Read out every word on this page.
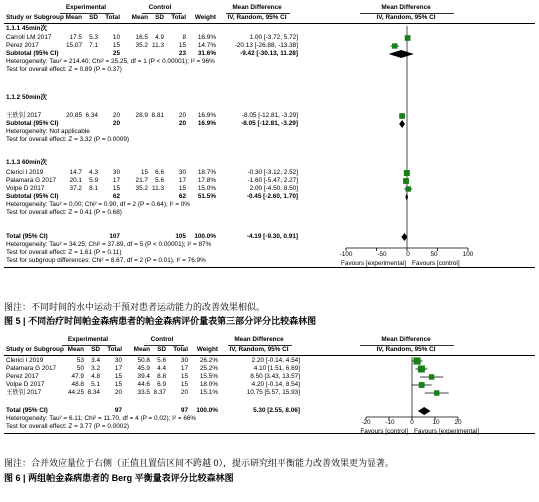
Experimental	Control	Mean Difference	Mean Difference
Study or Subgroup Mean	SD	Total	Mean	SD	Total	Weight	IV, Random, 95% CI	IV, Random, 95% CI
1.1.1 45min次
Carroll LM 2017	17.5	5.3	10	16.5	4.9	8	16.9%	1.00 [-3.72, 5.72]
Perez 2017	15.07	7.1	15	35.2 11.3	15	14.7%	-20.13 [-26.88, -13.38]
Subtotal (95% CI)	25	23	31.6%	-9.42 [-30.13, 11.28]
Heterogeneity: Tau² = 214.40; Chi² = 25.25, df = 1 (P < 0.00001); I² = 96%
Test for overall effect: Z = 0.89 (P = 0.37)
1.1.2 50min次
王轶钊 2017	20.85 6.34	20	28.9 8.81	20	16.9%	-8.05 [-12.81, -3.29]
Subtotal (95% CI)	20	20	16.9%	-8.05 [-12.81, -3.29]
Heterogeneity: Not applicable
Test for overall effect: Z = 3.32 (P = 0.0009)
1.1.3 60min次
Clerici I 2019	14.7	4.3	30	15	6.6	30	18.7%	-0.30 [-3.12, 2.52]
Palamara G 2017	20.1	5.9	17	21.7	5.6	17	17.8%	-1.60 [-5.47, 2.27]
Volpe D 2017	37.2	8.1	15	35.2 11.3	15	15.0%	2.00 [-4.50, 8.50]
Subtotal (95% CI)	62	62	51.5%	-0.45 [-2.60, 1.70]
Heterogeneity: Tau² = 0.00; Chi² = 0.90, df = 2 (P = 0.64); I² = 0%
Test for overall effect: Z = 0.41 (P = 0.68)
Total (95% CI)	107	105	100.0%	-4.19 [-9.30, 0.91]
Heterogeneity: Tau² = 34.25; Chi² = 37.89, df = 5 (P < 0.00001); I² = 87%
Test for overall effect: Z = 1.61 (P = 0.11)
Test for subgroup differences: Chi² = 8.67, df = 2 (P = 0.01), I² = 76.9%
-100	-50	0	50	100
Favours [experimental] Favours [control]
图注：不同时间的水中运动干预对患者运动能力的改善效果相似。
图 5 | 不同治疗时间帕金森病患者的帕金森病评价量表第三部分评分比较森林图
Experimental	Control	Mean Difference	Mean Difference
Study or Subgroup Mean	SD	Total	Mean	SD	Total	Weight	IV, Random, 95% CI	IV, Random, 95% CI
Clerici I 2019	53	3.4	30	50.8	5.6	30	26.2%	2.20 [-0.14, 4.54]
Palamara G 2017	50	3.2	17	45.9	4.4	17	25.2%	4.10 [1.51, 6.69]
Perez 2017	47.9	4.8	15	39.4	8.8	15	15.5%	8.50 [3.43, 13.57]
Volpe D 2017	48.8	5.1	15	44.6	6.9	15	18.0%	4.20 [-0.14, 8.54]
王轶钊 2017	44.25 8.34	20	33.5 8.37	20	15.1%	10.75 [5.57, 15.93]
Total (95% CI)	97	97	100.0%	5.30 [2.55, 8.06]
Heterogeneity: Tau² = 6.11; Chi² = 11.70, df = 4 (P = 0.02); I² = 66%
Test for overall effect: Z = 3.77 (P = 0.0002)
-20	-10	0	10	20
Favours [control] Favours [experimental]
图注：合并效应量位于右侧（正值且置信区间不跨越 0），提示研究组平衡能力改善效果更为显著。
图 6 | 两组帕金森病患者的 Berg 平衡量表评分比较森林图
